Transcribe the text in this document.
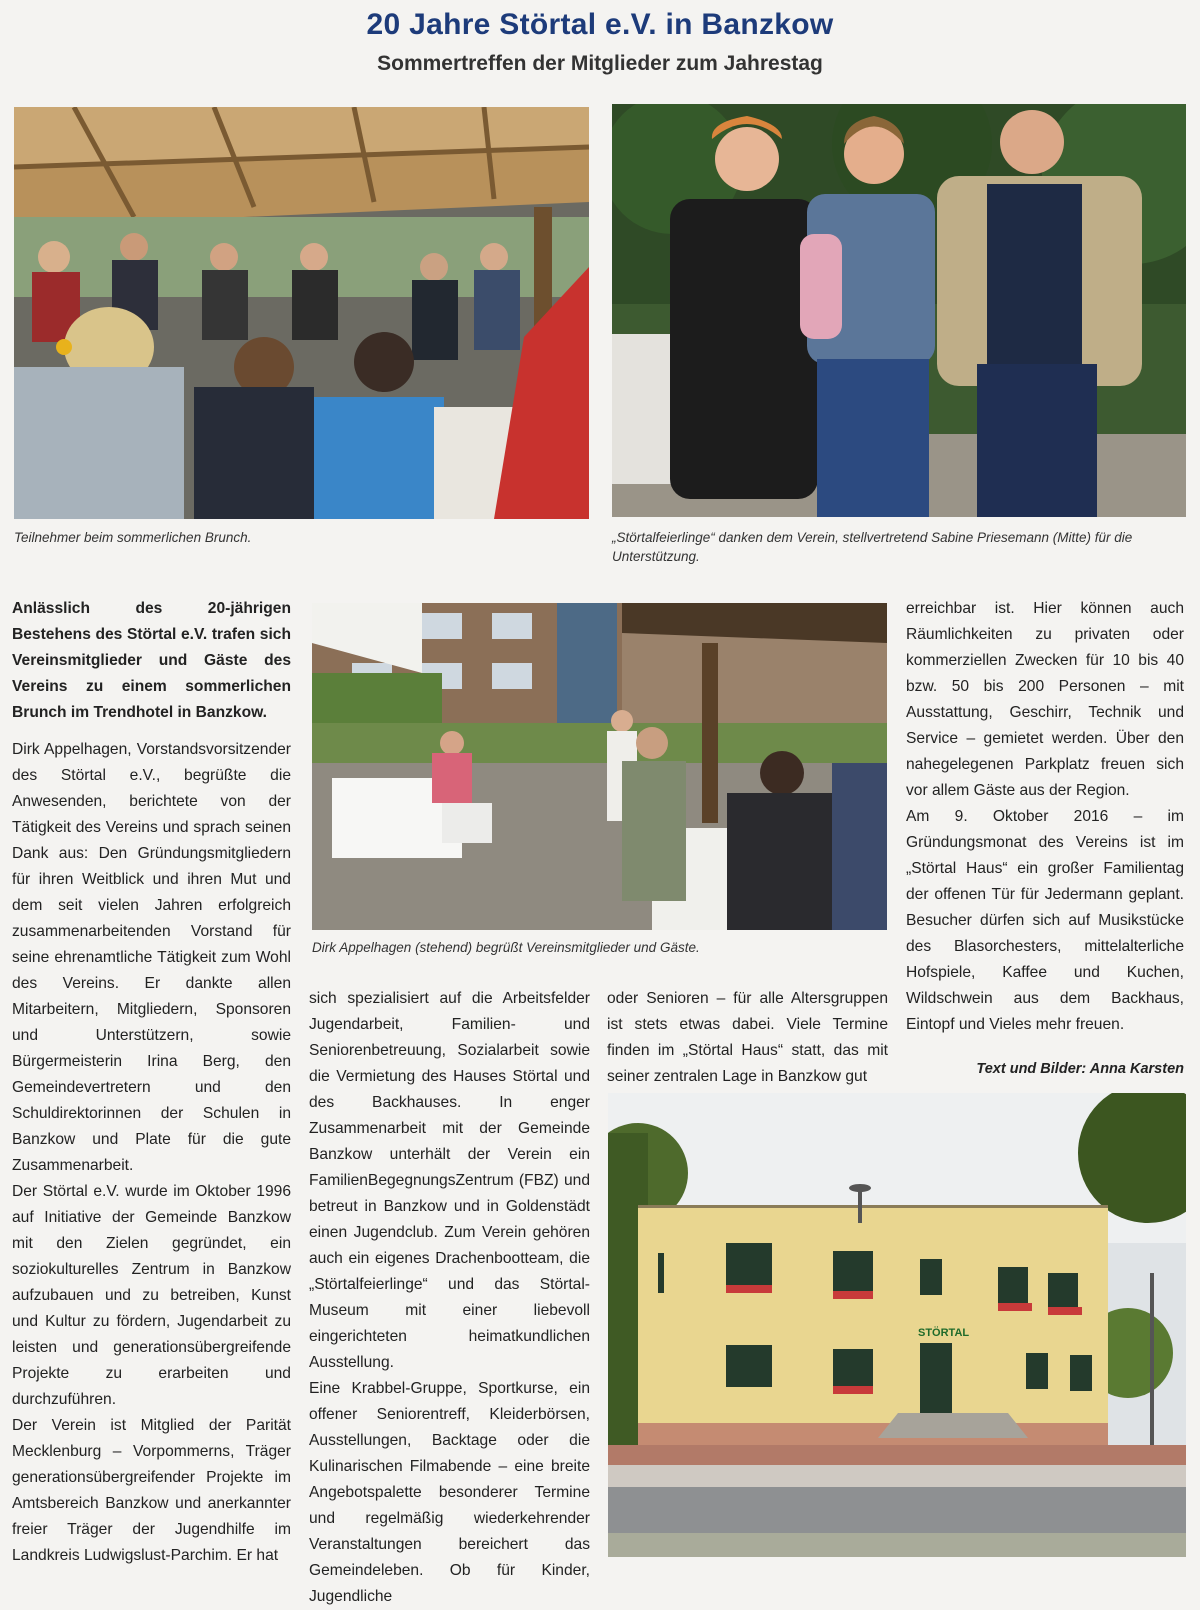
20 Jahre Störtal e.V. in Banzkow
Sommertreffen der Mitglieder zum Jahrestag
Teilnehmer beim sommerlichen Brunch.	„Störtalfeierlinge“ danken dem Verein, stellvertretend Sabine Priesemann (Mitte) für die Unterstützung.
Dirk Appelhagen (stehend) begrüßt Vereinsmitglieder und Gäste.

Anlässlich des 20-jährigen Bestehens des Störtal e.V. trafen sich Vereinsmitglieder und Gäste des Vereins zu einem sommerlichen Brunch im Trendhotel in Banzkow.

Dirk Appelhagen, Vorstandsvorsitzender des Störtal e.V., begrüßte die Anwesenden, berichtete von der Tätigkeit des Vereins und sprach seinen Dank aus: Den Gründungsmitgliedern für ihren Weitblick und ihren Mut und dem seit vielen Jahren erfolgreich zusammenarbeitenden Vorstand für seine ehrenamtliche Tätigkeit zum Wohl des Vereins. Er dankte allen Mitarbeitern, Mitgliedern, Sponsoren und Unterstützern, sowie Bürgermeisterin Irina Berg, den Gemeindevertretern und den Schuldirektorinnen der Schulen in Banzkow und Plate für die gute Zusammenarbeit.

Der Störtal e.V. wurde im Oktober 1996 auf Initiative der Gemeinde Banzkow mit den Zielen gegründet, ein soziokulturelles Zentrum in Banzkow aufzubauen und zu betreiben, Kunst und Kultur zu fördern, Jugendarbeit zu leisten und generationsübergreifende Projekte zu erarbeiten und durchzuführen.

Der Verein ist Mitglied der Parität Mecklenburg – Vorpommerns, Träger generationsübergreifender Projekte im Amtsbereich Banzkow und anerkannter freier Träger der Jugendhilfe im Landkreis Ludwigslust-Parchim. Er hat

sich spezialisiert auf die Arbeitsfelder Jugendarbeit, Familien- und Seniorenbetreuung, Sozialarbeit sowie die Vermietung des Hauses Störtal und des Backhauses. In enger Zusammenarbeit mit der Gemeinde Banzkow unterhält der Verein ein FamilienBegegnungsZentrum (FBZ) und betreut in Banzkow und in Goldenstädt einen Jugendclub. Zum Verein gehören auch ein eigenes Drachenbootteam, die „Störtalfeierlinge“ und das Störtal-Museum mit einer liebevoll eingerichteten heimatkundlichen Ausstellung.

Eine Krabbel-Gruppe, Sportkurse, ein offener Seniorentreff, Kleiderbörsen, Ausstellungen, Backtage oder die Kulinarischen Filmabende – eine breite Angebotspalette besonderer Termine und regelmäßig wiederkehrender Veranstaltungen bereichert das Gemeindeleben. Ob für Kinder, Jugendliche

oder Senioren – für alle Altersgruppen ist stets etwas dabei. Viele Termine finden im „Störtal Haus“ statt, das mit seiner zentralen Lage in Banzkow gut

erreichbar ist. Hier können auch Räumlichkeiten zu privaten oder kommerziellen Zwecken für 10 bis 40 bzw. 50 bis 200 Personen – mit Ausstattung, Geschirr, Technik und Service – gemietet werden. Über den nahegelegenen Parkplatz freuen sich vor allem Gäste aus der Region.

Am 9. Oktober 2016 – im Gründungsmonat des Vereins ist im „Störtal Haus“ ein großer Familientag der offenen Tür für Jedermann geplant. Besucher dürfen sich auf Musikstücke des Blasorchesters, mittelalterliche Hofspiele, Kaffee und Kuchen, Wildschwein aus dem Backhaus, Eintopf und Vieles mehr freuen.

Text und Bilder: Anna Karsten
STÖRTAL
